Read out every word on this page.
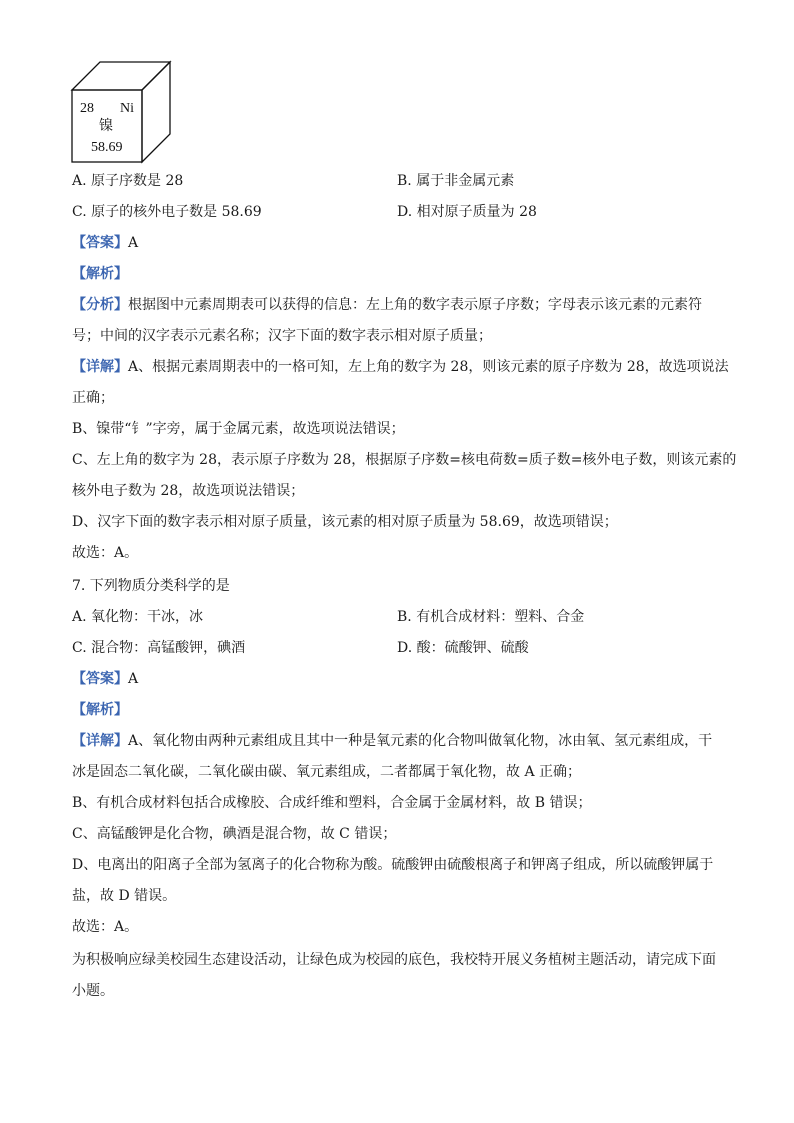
28 Ni
镍
58.69
A. 原子序数是 28	B. 属于非金属元素
C. 原子的核外电子数是 58.69	D. 相对原子质量为 28
【答案】A
【解析】
【分析】根据图中元素周期表可以获得的信息：左上角的数字表示原子序数；字母表示该元素的元素符
号；中间的汉字表示元素名称；汉字下面的数字表示相对原子质量；
【详解】A、根据元素周期表中的一格可知，左上角的数字为 28，则该元素的原子序数为 28，故选项说法
正确；
B、镍带“钅”字旁，属于金属元素，故选项说法错误；
C、左上角的数字为 28，表示原子序数为 28，根据原子序数=核电荷数=质子数=核外电子数，则该元素的
核外电子数为 28，故选项说法错误；
D、汉字下面的数字表示相对原子质量，该元素的相对原子质量为 58.69，故选项错误；
故选：A。
7. 下列物质分类科学的是
A. 氧化物：干冰，冰	B. 有机合成材料：塑料、合金
C. 混合物：高锰酸钾，碘酒	D. 酸：硫酸钾、硫酸
【答案】A
【解析】
【详解】A、氧化物由两种元素组成且其中一种是氧元素的化合物叫做氧化物，冰由氧、氢元素组成，干
冰是固态二氧化碳，二氧化碳由碳、氧元素组成，二者都属于氧化物，故 A 正确；
B、有机合成材料包括合成橡胶、合成纤维和塑料，合金属于金属材料，故 B 错误；
C、高锰酸钾是化合物，碘酒是混合物，故 C 错误；
D、电离出的阳离子全部为氢离子的化合物称为酸。硫酸钾由硫酸根离子和钾离子组成，所以硫酸钾属于
盐，故 D 错误。
故选：A。
为积极响应绿美校园生态建设活动，让绿色成为校园的底色，我校特开展义务植树主题活动，请完成下面
小题。
